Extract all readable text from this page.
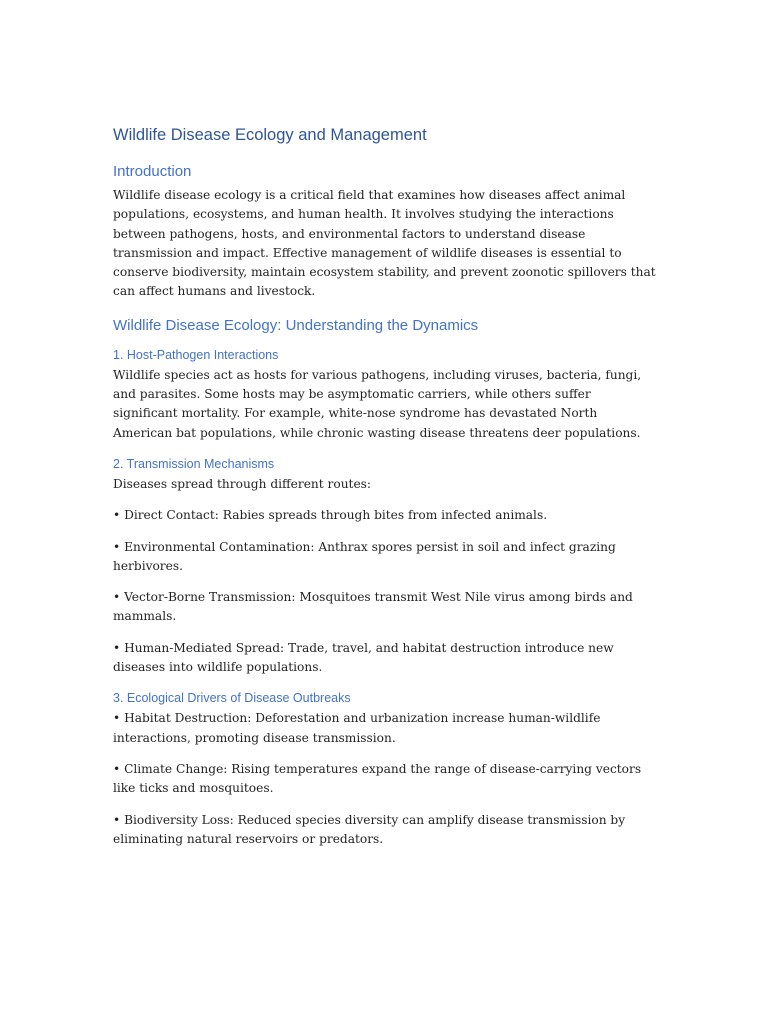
Wildlife Disease Ecology and Management
Introduction

Wildlife disease ecology is a critical field that examines how diseases affect animal populations, ecosystems, and human health. It involves studying the interactions between pathogens, hosts, and environmental factors to understand disease transmission and impact. Effective management of wildlife diseases is essential to conserve biodiversity, maintain ecosystem stability, and prevent zoonotic spillovers that can affect humans and livestock.

Wildlife Disease Ecology: Understanding the Dynamics
1. Host-Pathogen Interactions

Wildlife species act as hosts for various pathogens, including viruses, bacteria, fungi, and parasites. Some hosts may be asymptomatic carriers, while others suffer significant mortality. For example, white-nose syndrome has devastated North American bat populations, while chronic wasting disease threatens deer populations.

2. Transmission Mechanisms

Diseases spread through different routes:

• Direct Contact: Rabies spreads through bites from infected animals.

• Environmental Contamination: Anthrax spores persist in soil and infect grazing herbivores.

• Vector-Borne Transmission: Mosquitoes transmit West Nile virus among birds and mammals.

• Human-Mediated Spread: Trade, travel, and habitat destruction introduce new diseases into wildlife populations.

3. Ecological Drivers of Disease Outbreaks

• Habitat Destruction: Deforestation and urbanization increase human-wildlife interactions, promoting disease transmission.

• Climate Change: Rising temperatures expand the range of disease-carrying vectors like ticks and mosquitoes.

• Biodiversity Loss: Reduced species diversity can amplify disease transmission by eliminating natural reservoirs or predators.
